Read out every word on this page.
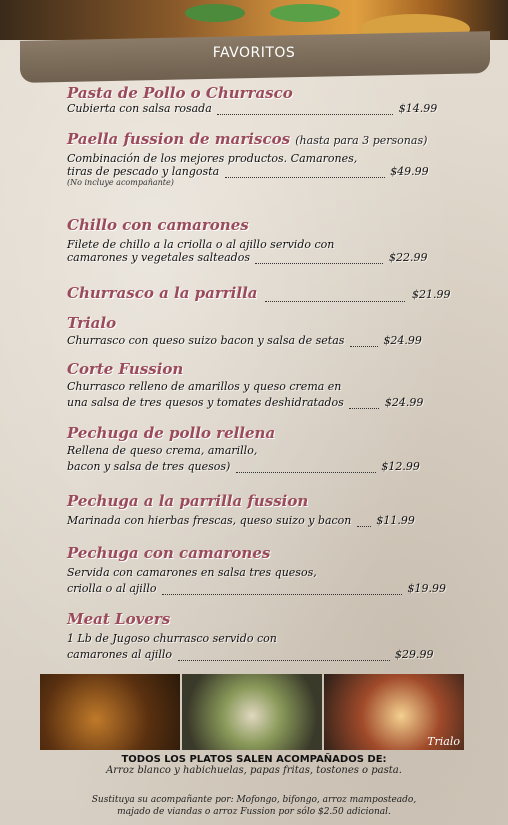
FAVORITOS
Pasta de Pollo o Churrasco
Cubierta con salsa rosada	$14.99
Paella fussion de mariscos (hasta para 3 personas)
Combinación de los mejores productos. Camarones,
tiras de pescado y langosta	$49.99
(No incluye acompañante)
Chillo con camarones
Filete de chillo a la criolla o al ajillo servido con
camarones y vegetales salteados	$22.99
Churrasco a la parrilla	$21.99
Trialo
Churrasco con queso suizo bacon y salsa de setas	$24.99
Corte Fussion
Churrasco relleno de amarillos y queso crema en
una salsa de tres quesos y tomates deshidratados	$24.99
Pechuga de pollo rellena
Rellena de queso crema, amarillo,
bacon y salsa de tres quesos)	$12.99
Pechuga a la parrilla fussion
Marinada con hierbas frescas, queso suizo y bacon $11.99
Pechuga con camarones
Servida con camarones en salsa tres quesos,
criolla o al ajillo	$19.99
Meat Lovers
1 Lb de Jugoso churrasco servido con
camarones al ajillo	$29.99
Trialo
TODOS LOS PLATOS SALEN ACOMPAÑADOS DE:
Arroz blanco y habichuelas, papas fritas, tostones o pasta.
Sustituya su acompañante por: Mofongo, bifongo, arroz mamposteado,
majado de viandas o arroz Fussion por sólo $2.50 adicional.
